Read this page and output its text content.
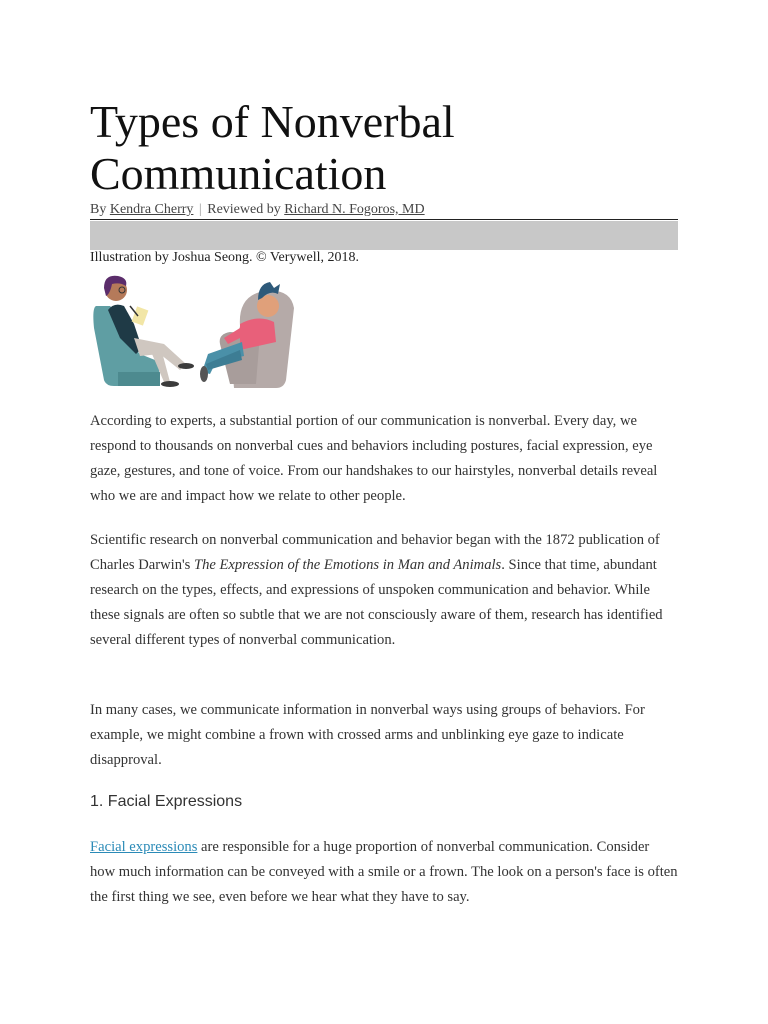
Types of Nonverbal Communication
By Kendra Cherry | Reviewed by Richard N. Fogoros, MD
Illustration by Joshua Seong. © Verywell, 2018.

According to experts, a substantial portion of our communication is nonverbal. Every day, we respond to thousands on nonverbal cues and behaviors including postures, facial expression, eye gaze, gestures, and tone of voice. From our handshakes to our hairstyles, nonverbal details reveal who we are and impact how we relate to other people.

Scientific research on nonverbal communication and behavior began with the 1872 publication of Charles Darwin's The Expression of the Emotions in Man and Animals. Since that time, abundant research on the types, effects, and expressions of unspoken communication and behavior. While these signals are often so subtle that we are not consciously aware of them, research has identified several different types of nonverbal communication.

In many cases, we communicate information in nonverbal ways using groups of behaviors. For example, we might combine a frown with crossed arms and unblinking eye gaze to indicate disapproval.

1. Facial Expressions

Facial expressions are responsible for a huge proportion of nonverbal communication. Consider how much information can be conveyed with a smile or a frown. The look on a person's face is often the first thing we see, even before we hear what they have to say.
